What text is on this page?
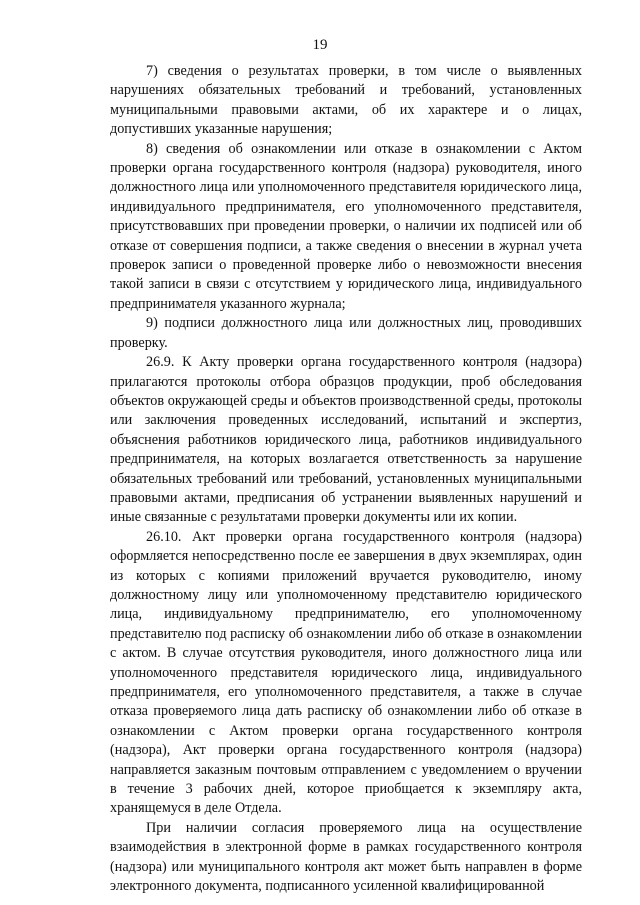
19

7) сведения о результатах проверки, в том числе о выявленных нарушениях обязательных требований и требований, установленных муниципальными правовыми актами, об их характере и о лицах, допустивших указанные нарушения;

8) сведения об ознакомлении или отказе в ознакомлении с Актом проверки органа государственного контроля (надзора) руководителя, иного должностного лица или уполномоченного представителя юридического лица, индивидуального предпринимателя, его уполномоченного представителя, присутствовавших при проведении проверки, о наличии их подписей или об отказе от совершения подписи, а также сведения о внесении в журнал учета проверок записи о проведенной проверке либо о невозможности внесения такой записи в связи с отсутствием у юридического лица, индивидуального предпринимателя указанного журнала;

9) подписи должностного лица или должностных лиц, проводивших проверку.

26.9. К Акту проверки органа государственного контроля (надзора) прилагаются протоколы отбора образцов продукции, проб обследования объектов окружающей среды и объектов производственной среды, протоколы или заключения проведенных исследований, испытаний и экспертиз, объяснения работников юридического лица, работников индивидуального предпринимателя, на которых возлагается ответственность за нарушение обязательных требований или требований, установленных муниципальными правовыми актами, предписания об устранении выявленных нарушений и иные связанные с результатами проверки документы или их копии.

26.10. Акт проверки органа государственного контроля (надзора) оформляется непосредственно после ее завершения в двух экземплярах, один из которых с копиями приложений вручается руководителю, иному должностному лицу или уполномоченному представителю юридического лица, индивидуальному предпринимателю, его уполномоченному представителю под расписку об ознакомлении либо об отказе в ознакомлении с актом. В случае отсутствия руководителя, иного должностного лица или уполномоченного представителя юридического лица, индивидуального предпринимателя, его уполномоченного представителя, а также в случае отказа проверяемого лица дать расписку об ознакомлении либо об отказе в ознакомлении с Актом проверки органа государственного контроля (надзора), Акт проверки органа государственного контроля (надзора) направляется заказным почтовым отправлением с уведомлением о вручении в течение 3 рабочих дней, которое приобщается к экземпляру акта, хранящемуся в деле Отдела.

При наличии согласия проверяемого лица на осуществление взаимодействия в электронной форме в рамках государственного контроля (надзора) или муниципального контроля акт может быть направлен в форме электронного документа, подписанного усиленной квалифицированной
